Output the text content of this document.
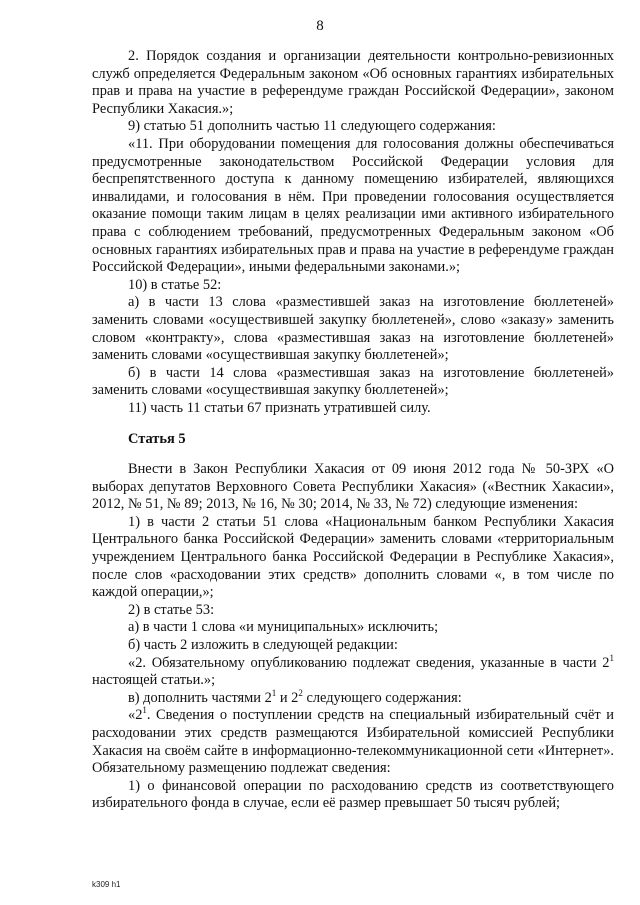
8

2. Порядок создания и организации деятельности контрольно-ревизионных служб определяется Федеральным законом «Об основных гарантиях избирательных прав и права на участие в референдуме граждан Российской Федерации», законом Республики Хакасия.»;

9) статью 51 дополнить частью 11 следующего содержания:

«11. При оборудовании помещения для голосования должны обеспечиваться предусмотренные законодательством Российской Федерации условия для беспрепятственного доступа к данному помещению избирателей, являющихся инвалидами, и голосования в нём. При проведении голосования осуществляется оказание помощи таким лицам в целях реализации ими активного избирательного права с соблюдением требований, предусмотренных Федеральным законом «Об основных гарантиях избирательных прав и права на участие в референдуме граждан Российской Федерации», иными федеральными законами.»;

10) в статье 52:

а) в части 13 слова «разместившей заказ на изготовление бюллетеней» заменить словами «осуществившей закупку бюллетеней», слово «заказу» заменить словом «контракту», слова «разместившая заказ на изготовление бюллетеней» заменить словами «осуществившая закупку бюллетеней»;

б) в части 14 слова «разместившая заказ на изготовление бюллетеней» заменить словами «осуществившая закупку бюллетеней»;

11) часть 11 статьи 67 признать утратившей силу.

Статья 5

Внести в Закон Республики Хакасия от 09 июня 2012 года № 50-ЗРХ «О выборах депутатов Верховного Совета Республики Хакасия» («Вестник Хакасии», 2012, № 51, № 89; 2013, № 16, № 30; 2014, № 33, № 72) следующие изменения:

1) в части 2 статьи 51 слова «Национальным банком Республики Хакасия Центрального банка Российской Федерации» заменить словами «территориальным учреждением Центрального банка Российской Федерации в Республике Хакасия», после слов «расходовании этих средств» дополнить словами «, в том числе по каждой операции,»;

2) в статье 53:

а) в части 1 слова «и муниципальных» исключить;

б) часть 2 изложить в следующей редакции:

«2. Обязательному опубликованию подлежат сведения, указанные в части $2^1$ настоящей статьи.»;

в) дополнить частями $2^1$ и $2^2$ следующего содержания:

«$2^1$. Сведения о поступлении средств на специальный избирательный счёт и расходовании этих средств размещаются Избирательной комиссией Республики Хакасия на своём сайте в информационно-телекоммуникационной сети «Интернет». Обязательному размещению подлежат сведения:

1) о финансовой операции по расходованию средств из соответствующего избирательного фонда в случае, если её размер превышает 50 тысяч рублей;

k309 h1
